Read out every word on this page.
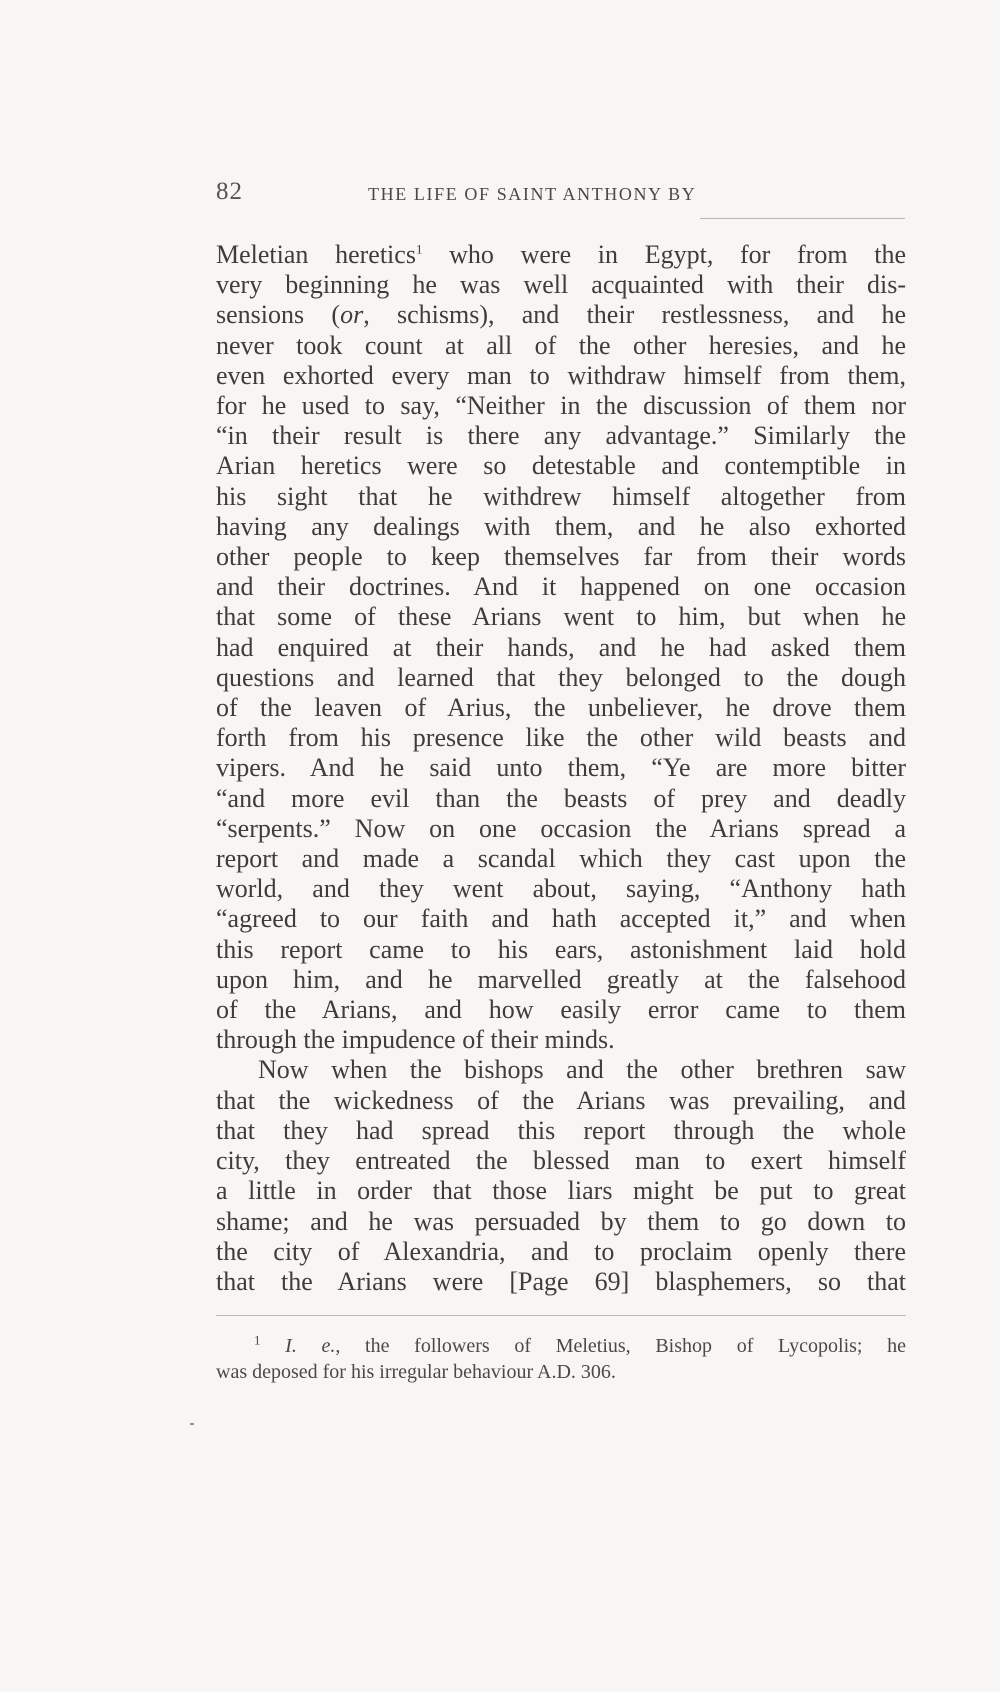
82	THE LIFE OF SAINT ANTHONY BY
Meletian heretics$^1$ who were in Egypt, for from the
very beginning he was well acquainted with their dis-
sensions (or, schisms), and their restlessness, and he
never took count at all of the other heresies, and he
even exhorted every man to withdraw himself from them,
for he used to say, “Neither in the discussion of them nor
“in their result is there any advantage.” Similarly the
Arian heretics were so detestable and contemptible in
his sight that he withdrew himself altogether from
having any dealings with them, and he also exhorted
other people to keep themselves far from their words
and their doctrines. And it happened on one occasion
that some of these Arians went to him, but when he
had enquired at their hands, and he had asked them
questions and learned that they belonged to the dough
of the leaven of Arius, the unbeliever, he drove them
forth from his presence like the other wild beasts and
vipers. And he said unto them, “Ye are more bitter
“and more evil than the beasts of prey and deadly
“serpents.” Now on one occasion the Arians spread a
report and made a scandal which they cast upon the
world, and they went about, saying, “Anthony hath
“agreed to our faith and hath accepted it,” and when
this report came to his ears, astonishment laid hold
upon him, and he marvelled greatly at the falsehood
of the Arians, and how easily error came to them
through the impudence of their minds.
Now when the bishops and the other brethren saw
that the wickedness of the Arians was prevailing, and
that they had spread this report through the whole
city, they entreated the blessed man to exert himself
a little in order that those liars might be put to great
shame; and he was persuaded by them to go down to
the city of Alexandria, and to proclaim openly there
that the Arians were [Page 69] blasphemers, so that
$^1$ I. e., the followers of Meletius, Bishop of Lycopolis; he
was deposed for his irregular behaviour A.D. 306.
